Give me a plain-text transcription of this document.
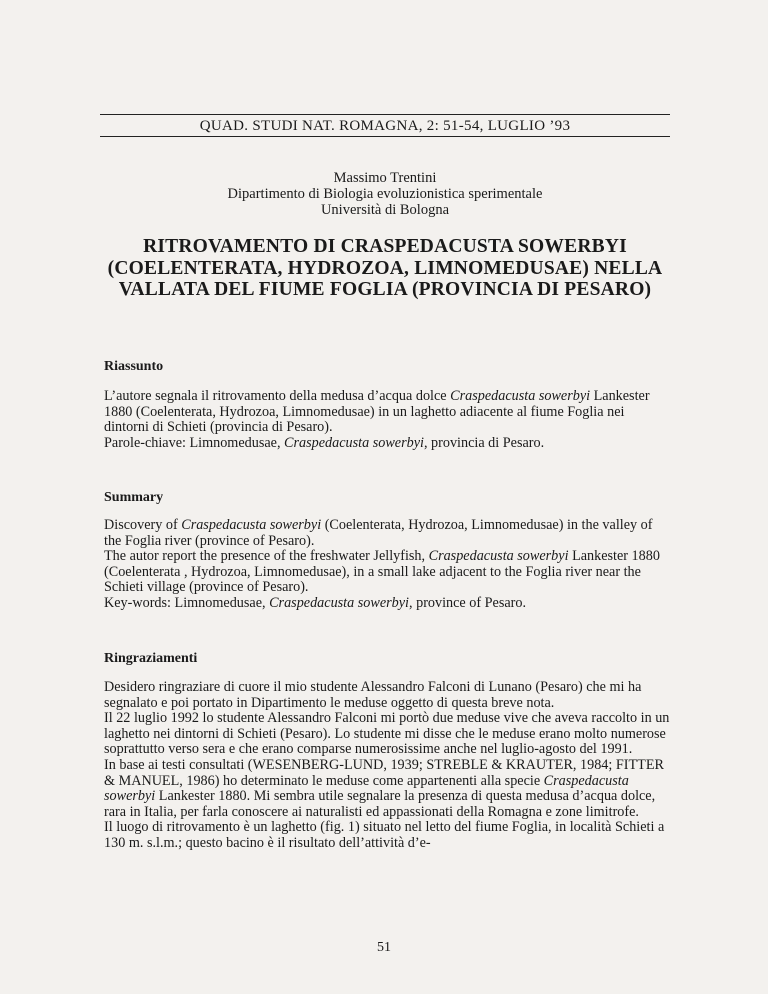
QUAD. STUDI NAT. ROMAGNA, 2: 51-54, LUGLIO ’93
Massimo Trentini
Dipartimento di Biologia evoluzionistica sperimentale
Università di Bologna
RITROVAMENTO DI CRASPEDACUSTA SOWERBYI
(COELENTERATA, HYDROZOA, LIMNOMEDUSAE) NELLA
VALLATA DEL FIUME FOGLIA (PROVINCIA DI PESARO)
Riassunto

L’autore segnala il ritrovamento della medusa d’acqua dolce Craspedacusta sowerbyi Lankester 1880 (Coelenterata, Hydrozoa, Limnomedusae) in un laghetto adiacente al fiume Foglia nei dintorni di Schieti (provincia di Pesaro).

Parole-chiave: Limnomedusae, Craspedacusta sowerbyi, provincia di Pesaro.

Summary

Discovery of Craspedacusta sowerbyi (Coelenterata, Hydrozoa, Limnomedusae) in the valley of the Foglia river (province of Pesaro).

The autor report the presence of the freshwater Jellyfish, Craspedacusta sowerbyi Lankester 1880 (Coelenterata , Hydrozoa, Limnomedusae), in a small lake adjacent to the Foglia river near the Schieti village (province of Pesaro).

Key-words: Limnomedusae, Craspedacusta sowerbyi, province of Pesaro.

Ringraziamenti

Desidero ringraziare di cuore il mio studente Alessandro Falconi di Lunano (Pesaro) che mi ha segnalato e poi portato in Dipartimento le meduse oggetto di questa breve nota.

Il 22 luglio 1992 lo studente Alessandro Falconi mi portò due meduse vive che aveva raccolto in un laghetto nei dintorni di Schieti (Pesaro). Lo studente mi disse che le meduse erano molto numerose soprattutto verso sera e che erano comparse numerosissime anche nel luglio-agosto del 1991.

In base ai testi consultati (WESENBERG-LUND, 1939; STREBLE & KRAUTER, 1984; FITTER & MANUEL, 1986) ho determinato le meduse come appartenenti alla specie Craspedacusta sowerbyi Lankester 1880. Mi sembra utile segnalare la presenza di questa medusa d’acqua dolce, rara in Italia, per farla conoscere ai naturalisti ed appassionati della Romagna e zone limitrofe.

Il luogo di ritrovamento è un laghetto (fig. 1) situato nel letto del fiume Foglia, in località Schieti a 130 m. s.l.m.; questo bacino è il risultato dell’attività d’e-

51
